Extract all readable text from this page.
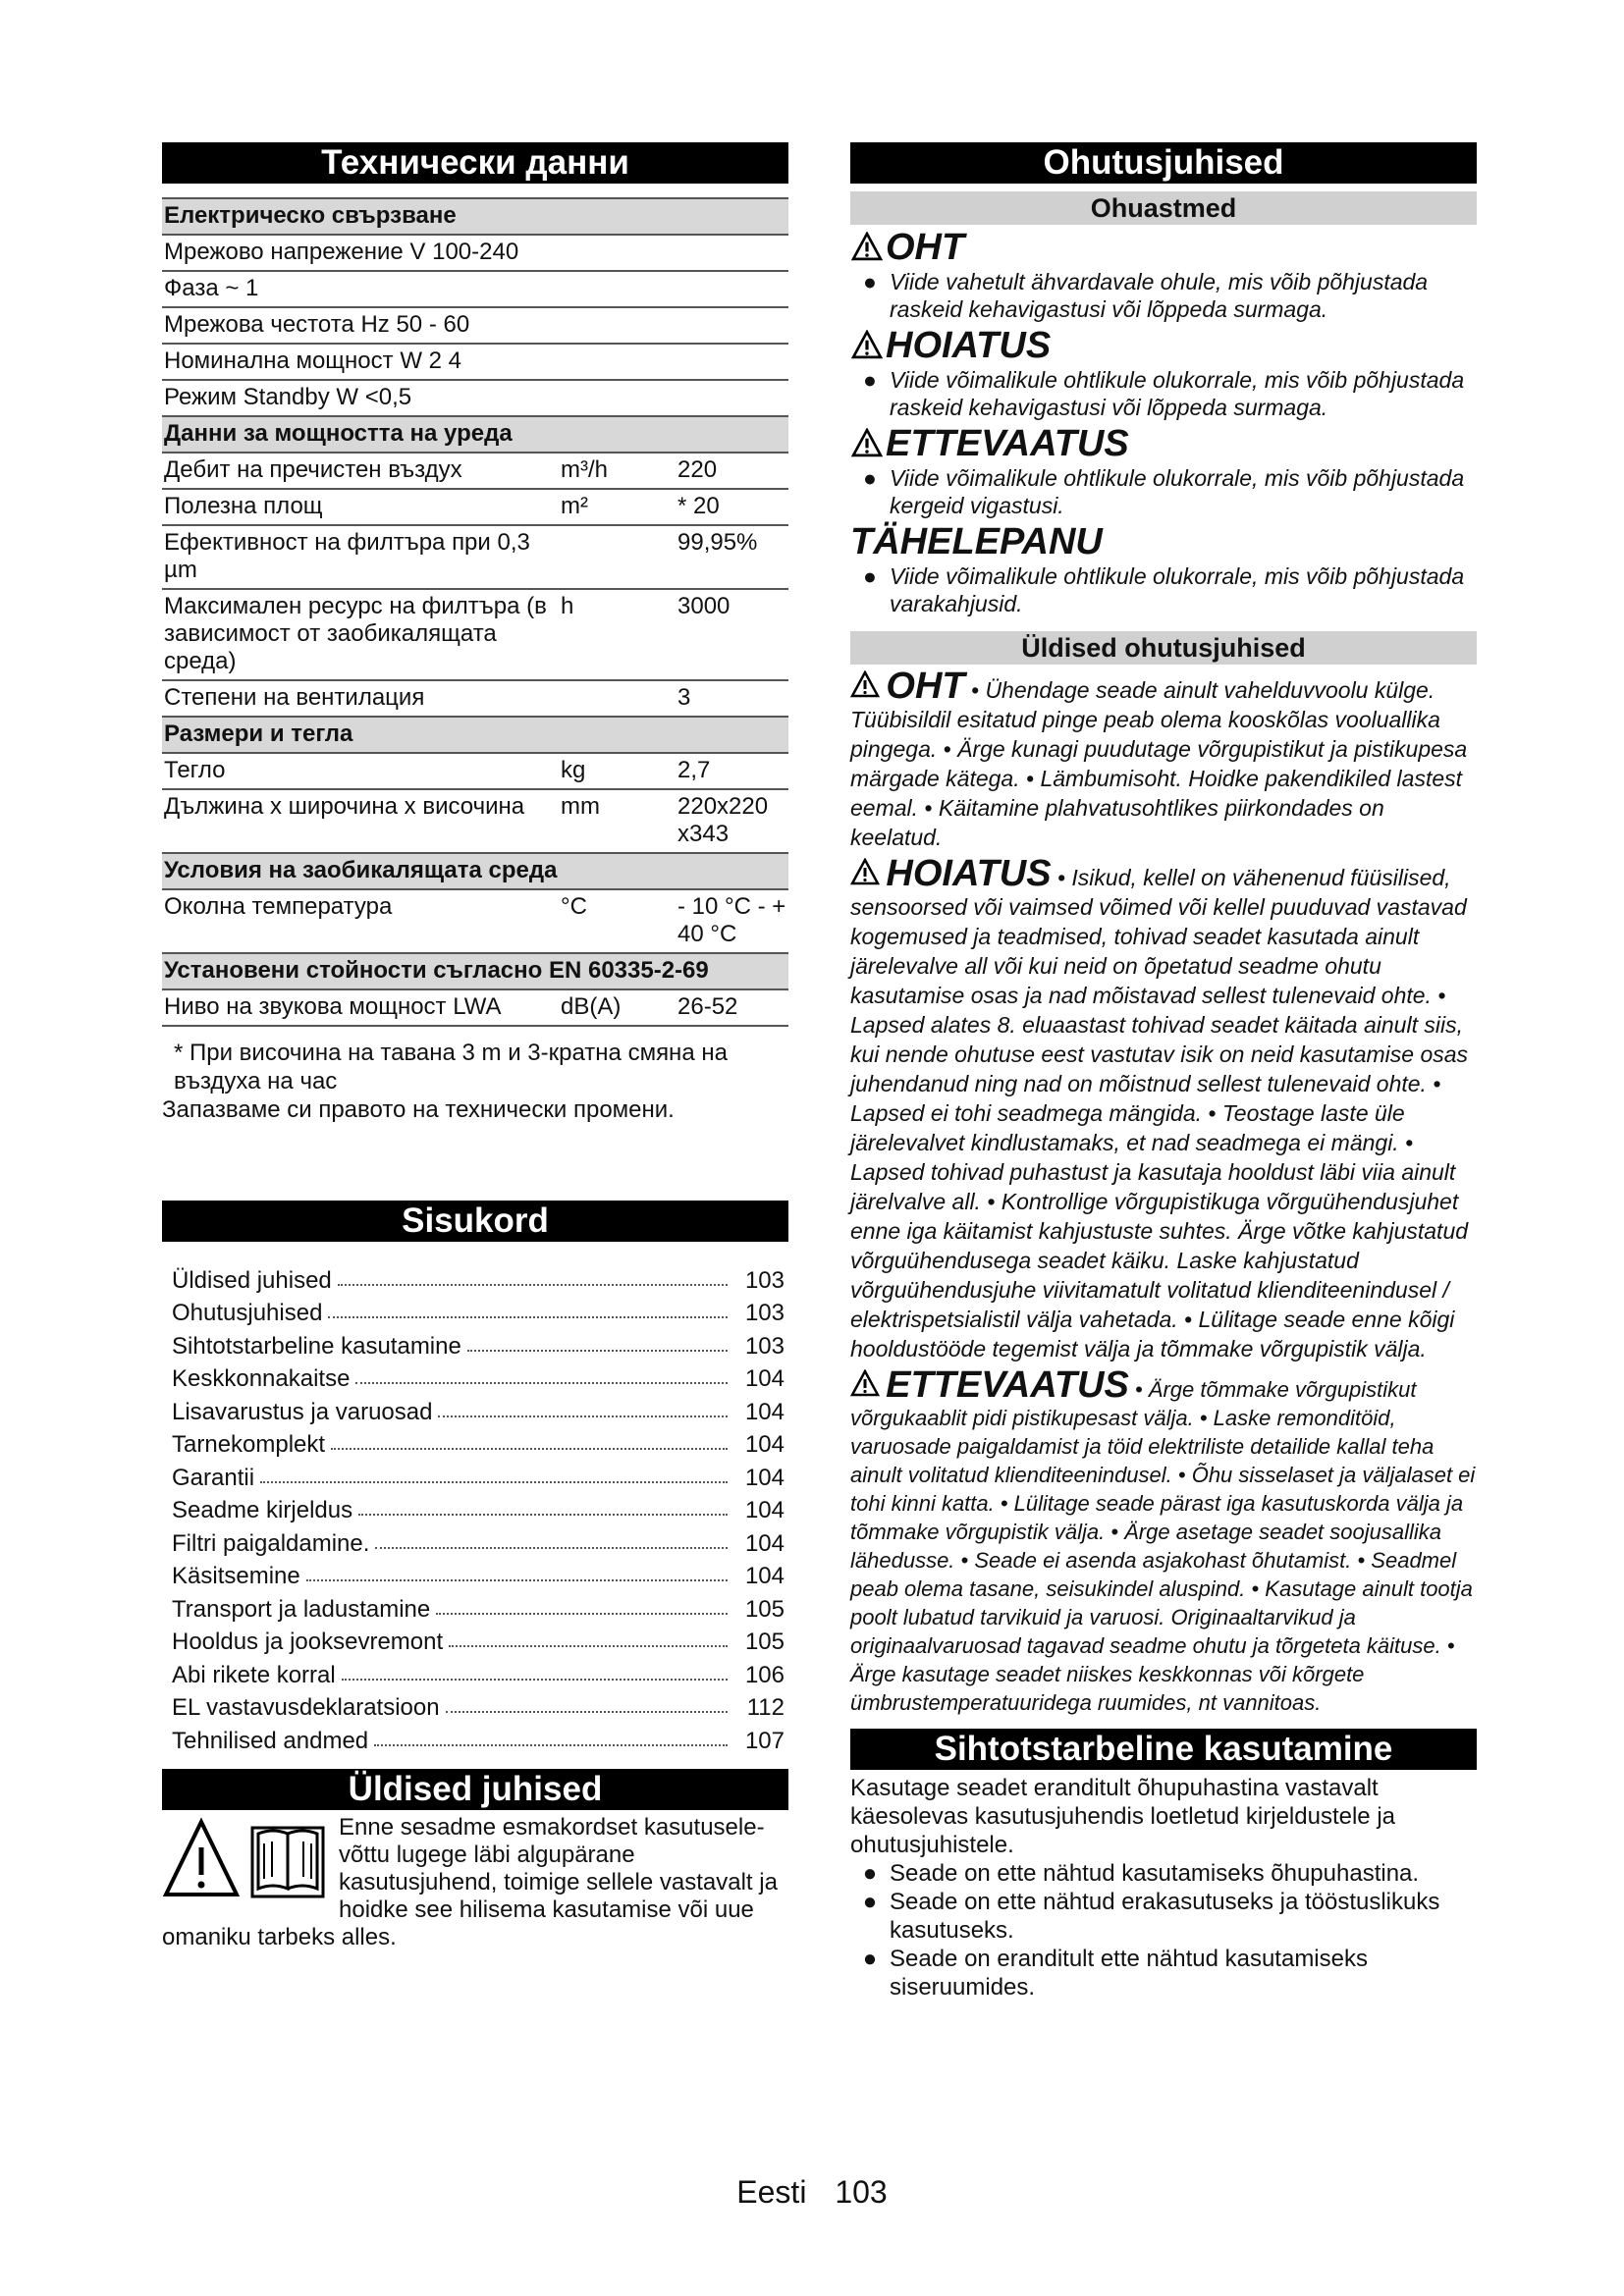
Технически данни
Електрическо свързване		
Мрежово напрежение V 100-240		
Фаза ~ 1		
Мрежова честота Hz 50 - 60		
Номинална мощност W 2 4		
Режим Standby W <0,5		
Данни за мощността на уреда		
Дебит на пречистен въздух	m³/h	220
Полезна площ	m²	* 20
Ефективност на филтъра при 0,3 µm		99,95%
Максимален ресурс на филтъра (в зависимост от заобикалящата среда)	h	3000
Степени на вентилация		3
Размери и тегла		
Тегло	kg	2,7
Дължина х широчина х височина	mm	220x220 x343
Условия на заобикалящата среда		
Околна температура	°C	- 10 °C - + 40 °C
Установени стойности съгласно EN 60335-2-69		
Ниво на звукова мощност LWA	dB(A)	26-52
* При височина на тавана 3 m и 3-кратна смяна на въздуха на час
Запазваме си правото на технически промени.
Sisukord
Üldised juhised	103
Ohutusjuhised	103
Sihtotstarbeline kasutamine	103
Keskkonnakaitse	104
Lisavarustus ja varuosad	104
Tarnekomplekt	104
Garantii	104
Seadme kirjeldus	104
Filtri paigaldamine.	104
Käsitsemine	104
Transport ja ladustamine	105
Hooldus ja jooksevremont	105
Abi rikete korral	106
EL vastavusdeklaratsioon	112
Tehnilised andmed	107
Üldised juhised
Enne sesadme esmakordset kasutusele-võttu lugege läbi algupärane kasutusjuhend, toimige sellele vastavalt ja hoidke see hilisema kasutamise või uue omaniku tarbeks alles.
Ohutusjuhised
Ohuastmed
OHT
● Viide vahetult ähvardavale ohule, mis võib põhjustada raskeid kehavigastusi või lõppeda surmaga.
HOIATUS
● Viide võimalikule ohtlikule olukorrale, mis võib põhjustada raskeid kehavigastusi või lõppeda surmaga.
ETTEVAATUS
● Viide võimalikule ohtlikule olukorrale, mis võib põhjustada kergeid vigastusi.
TÄHELEPANU
● Viide võimalikule ohtlikule olukorrale, mis võib põhjustada varakahjusid.
Üldised ohutusjuhised
OHT • Ühendage seade ainult vahelduvvoolu külge. Tüübisildil esitatud pinge peab olema kooskõlas vooluallika pingega. • Ärge kunagi puudutage võrgupistikut ja pistikupesa märgade kätega. • Lämbumisoht. Hoidke pakendikiled lastest eemal. • Käitamine plahvatusohtlikes piirkondades on keelatud.
HOIATUS • Isikud, kellel on vähenenud füüsilised, sensoorsed või vaimsed võimed või kellel puuduvad vastavad kogemused ja teadmised, tohivad seadet kasutada ainult järelevalve all või kui neid on õpetatud seadme ohutu kasutamise osas ja nad mõistavad sellest tulenevaid ohte. • Lapsed alates 8. eluaastast tohivad seadet käitada ainult siis, kui nende ohutuse eest vastutav isik on neid kasutamise osas juhendanud ning nad on mõistnud sellest tulenevaid ohte. • Lapsed ei tohi seadmega mängida. • Teostage laste üle järelevalvet kindlustamaks, et nad seadmega ei mängi. • Lapsed tohivad puhastust ja kasutaja hooldust läbi viia ainult järelvalve all. • Kontrollige võrgupistikuga võrguühendusjuhet enne iga käitamist kahjustuste suhtes. Ärge võtke kahjustatud võrguühendusega seadet käiku. Laske kahjustatud võrguühendusjuhe viivitamatult volitatud klienditeenindusel / elektrispetsialistil välja vahetada. • Lülitage seade enne kõigi hooldustööde tegemist välja ja tõmmake võrgupistik välja.
ETTEVAATUS • Ärge tõmmake võrgupistikut võrgukaablit pidi pistikupesast välja. • Laske remonditöid, varuosade paigaldamist ja töid elektriliste detailide kallal teha ainult volitatud klienditeenindusel. • Õhu sisselaset ja väljalaset ei tohi kinni katta. • Lülitage seade pärast iga kasutuskorda välja ja tõmmake võrgupistik välja. • Ärge asetage seadet soojusallika lähedusse. • Seade ei asenda asjakohast õhutamist. • Seadmel peab olema tasane, seisukindel aluspind. • Kasutage ainult tootja poolt lubatud tarvikuid ja varuosi. Originaaltarvikud ja originaalvaruosad tagavad seadme ohutu ja tõrgeteta käituse. • Ärge kasutage seadet niiskes keskkonnas või kõrgete ümbrustemperatuuridega ruumides, nt vannitoas.
Sihtotstarbeline kasutamine
Kasutage seadet eranditult õhupuhastina vastavalt käesolevas kasutusjuhendis loetletud kirjeldustele ja ohutusjuhistele.
● Seade on ette nähtud kasutamiseks õhupuhastina.
● Seade on ette nähtud erakasutuseks ja tööstuslikuks kasutuseks.
● Seade on eranditult ette nähtud kasutamiseks siseruumides.
Eesti 103
